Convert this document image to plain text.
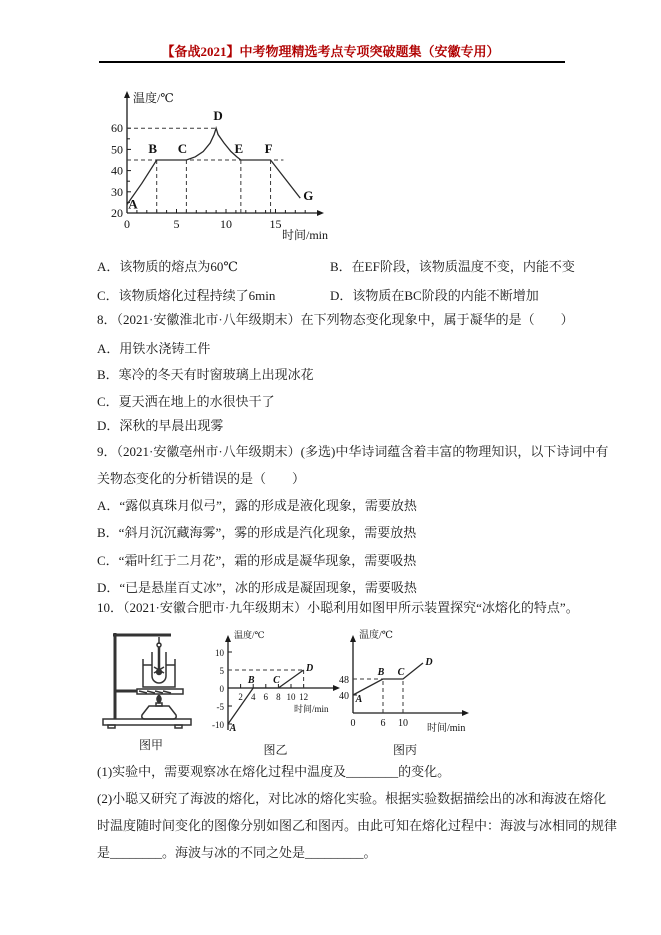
【备战2021】中考物理精选考点专项突破题集（安徽专用）
温度/℃
时间/min
0	5	10	15
20
30
40
50
60
A
B C
D
E F
G
A．该物质的熔点为60℃	B．在EF阶段，该物质温度不变，内能不变
C．该物质熔化过程持续了6min	D．该物质在BC阶段的内能不断增加
8．（2021·安徽淮北市·八年级期末）在下列物态变化现象中，属于凝华的是（　　）
A．用铁水浇铸工件
B．寒冷的冬天有时窗玻璃上出现冰花
C．夏天洒在地上的水很快干了
D．深秋的早晨出现雾
9．（2021·安徽亳州市·八年级期末）(多选)中华诗词蕴含着丰富的物理知识，以下诗词中有
关物态变化的分析错误的是（　　）
A．“露似真珠月似弓”，露的形成是液化现象，需要放热
B．“斜月沉沉藏海雾”，雾的形成是汽化现象，需要放热
C．“霜叶红于二月花”，霜的形成是凝华现象，需要吸热
D．“已是悬崖百丈冰”，冰的形成是凝固现象，需要吸热
10．（2021·安徽合肥市·九年级期末）小聪利用如图甲所示装置探究“冰熔化的特点”。
温度/℃
时间/min
2 4 6 8 10 12
10
5
0
-5
-10 A
B C
D
温度/℃
时间/min
0	6 10
40
48
A
B C
D
图甲	图乙	图丙
(1)实验中，需要观察冰在熔化过程中温度及________的变化。
(2)小聪又研究了海波的熔化，对比冰的熔化实验。根据实验数据描绘出的冰和海波在熔化
时温度随时间变化的图像分别如图乙和图丙。由此可知在熔化过程中：海波与冰相同的规律
是________。海波与冰的不同之处是_________。
